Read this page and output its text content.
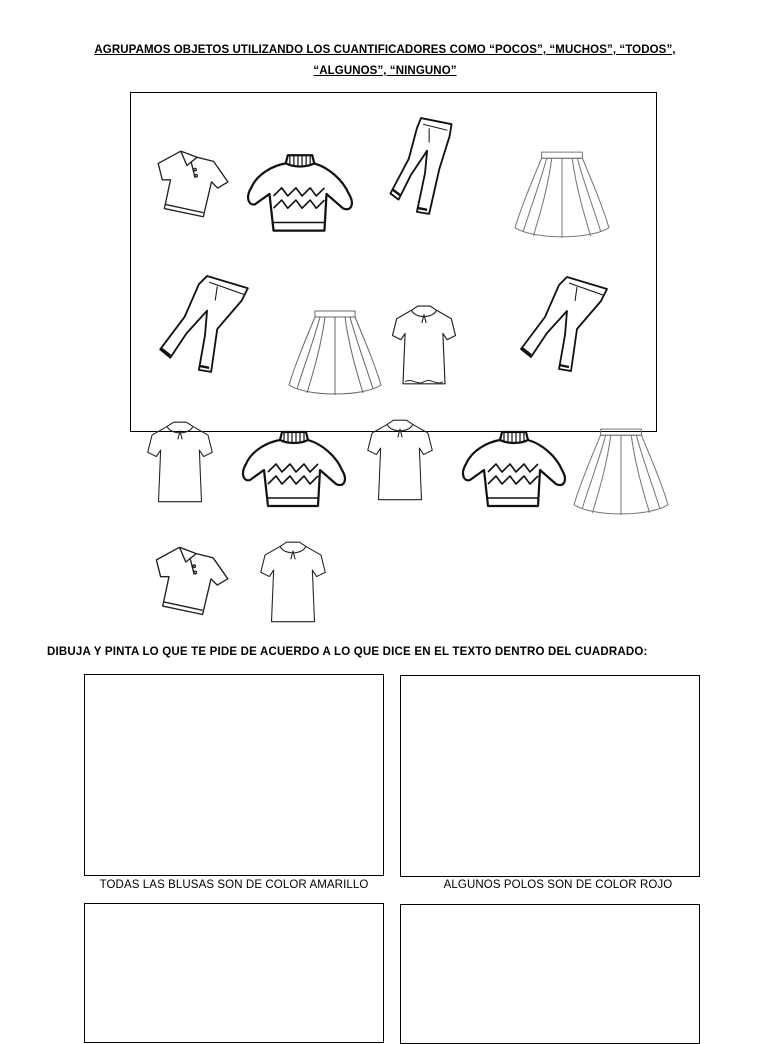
AGRUPAMOS OBJETOS UTILIZANDO LOS CUANTIFICADORES COMO “POCOS”, “MUCHOS”, “TODOS”,
“ALGUNOS”, “NINGUNO”
DIBUJA Y PINTA LO QUE TE PIDE DE ACUERDO A LO QUE DICE EN EL TEXTO DENTRO DEL CUADRADO:
TODAS LAS BLUSAS SON DE COLOR AMARILLO	ALGUNOS POLOS SON DE COLOR ROJO
